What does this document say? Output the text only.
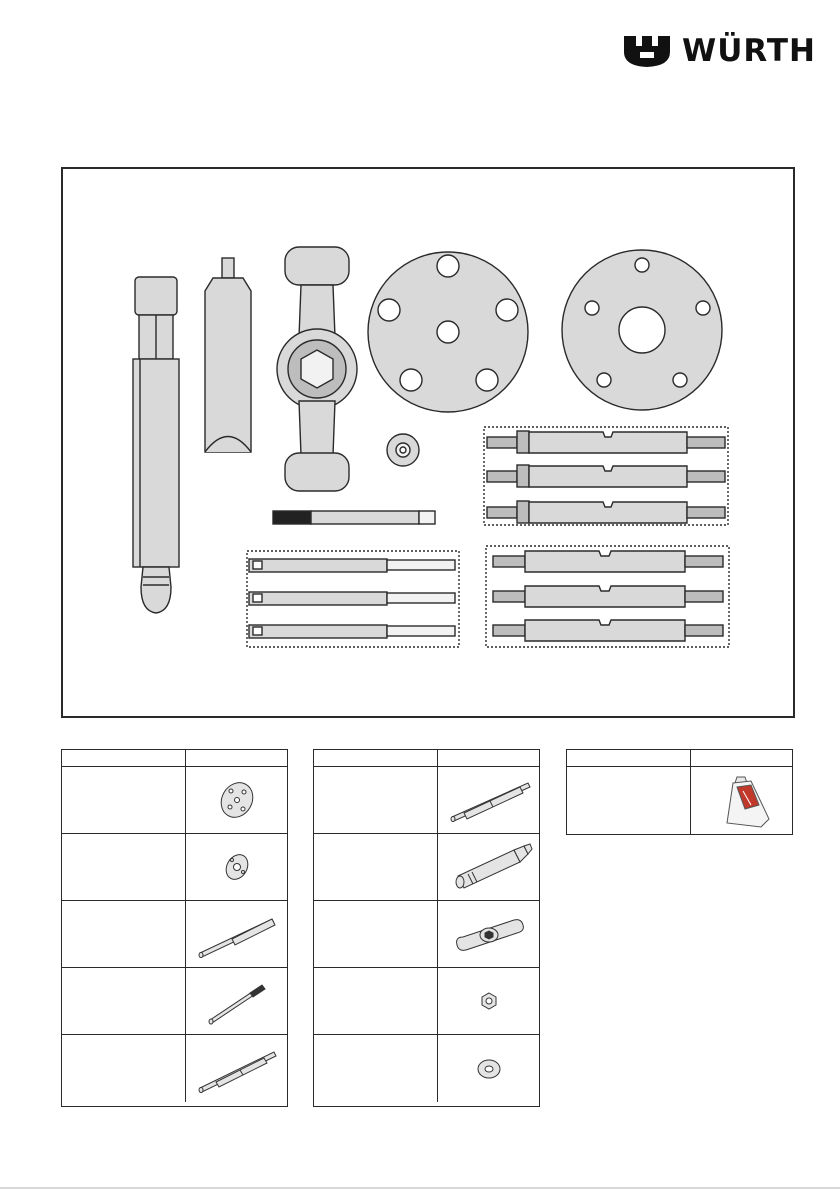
WÜRTH
